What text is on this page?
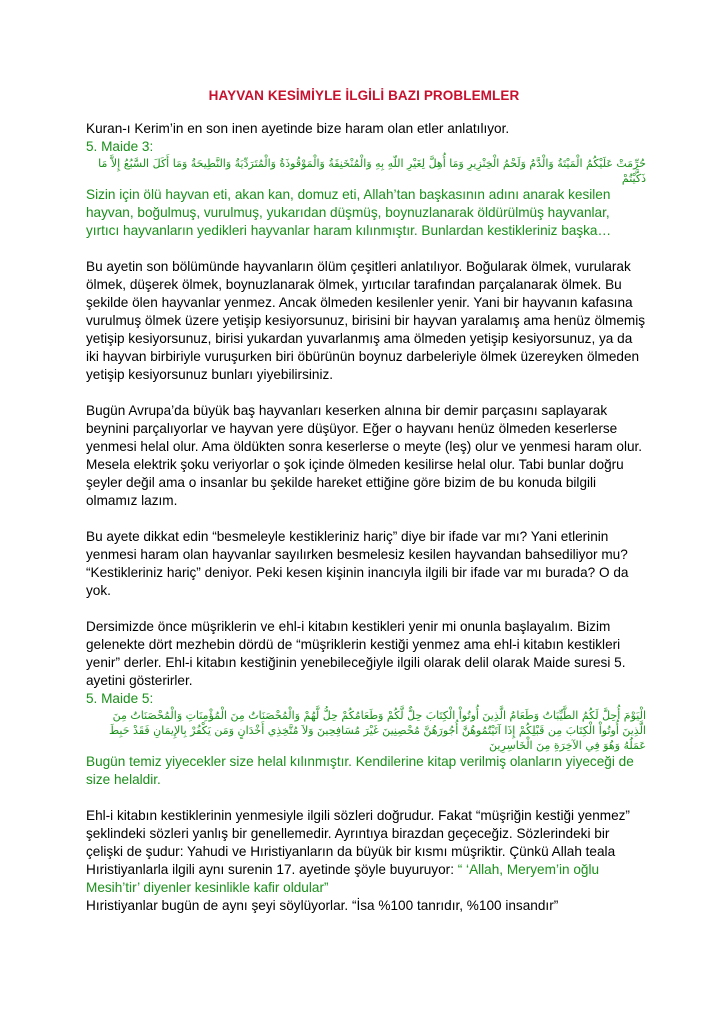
HAYVAN KESİMİYLE İLGİLİ BAZI PROBLEMLER

Kuran-ı Kerim’in en son inen ayetinde bize haram olan etler anlatılıyor.

5. Maide 3:

حُرِّمَتْ عَلَيْكُمُ الْمَيْتَةُ وَالْدَّمُ وَلَحْمُ الْخِنْزِيرِ وَمَا أُهِلَّ لِغَيْرِ اللّهِ بِهِ وَالْمُنْخَنِقَةُ وَالْمَوْقُوذَةُ وَالْمُتَرَدِّيَةُ وَالنَّطِيحَةُ وَمَا أَكَلَ السَّبُعُ إِلاَّ مَا ذَكَّيْتُمْ

Sizin için ölü hayvan eti, akan kan, domuz eti, Allah’tan başkasının adını anarak kesilen hayvan, boğulmuş, vurulmuş, yukarıdan düşmüş, boynuzlanarak öldürülmüş hayvanlar, yırtıcı hayvanların yedikleri hayvanlar haram kılınmıştır. Bunlardan kestikleriniz başka…

Bu ayetin son bölümünde hayvanların ölüm çeşitleri anlatılıyor. Boğularak ölmek, vurularak ölmek, düşerek ölmek, boynuzlanarak ölmek, yırtıcılar tarafından parçalanarak ölmek. Bu şekilde ölen hayvanlar yenmez. Ancak ölmeden kesilenler yenir. Yani bir hayvanın kafasına vurulmuş ölmek üzere yetişip kesiyorsunuz, birisini bir hayvan yaralamış ama henüz ölmemiş yetişip kesiyorsunuz, birisi yukardan yuvarlanmış ama ölmeden yetişip kesiyorsunuz, ya da iki hayvan birbiriyle vuruşurken biri öbürünün boynuz darbeleriyle ölmek üzereyken ölmeden yetişip kesiyorsunuz bunları yiyebilirsiniz.

Bugün Avrupa’da büyük baş hayvanları keserken alnına bir demir parçasını saplayarak beynini parçalıyorlar ve hayvan yere düşüyor. Eğer o hayvanı henüz ölmeden keserlerse yenmesi helal olur. Ama öldükten sonra keserlerse o meyte (leş) olur ve yenmesi haram olur. Mesela elektrik şoku veriyorlar o şok içinde ölmeden kesilirse helal olur. Tabi bunlar doğru şeyler değil ama o insanlar bu şekilde hareket ettiğine göre bizim de bu konuda bilgili olmamız lazım.

Bu ayete dikkat edin “besmeleyle kestikleriniz hariç” diye bir ifade var mı? Yani etlerinin yenmesi haram olan hayvanlar sayılırken besmelesiz kesilen hayvandan bahsediliyor mu? “Kestikleriniz hariç” deniyor. Peki kesen kişinin inancıyla ilgili bir ifade var mı burada? O da yok.

Dersimizde önce müşriklerin ve ehl-i kitabın kestikleri yenir mi onunla başlayalım. Bizim gelenekte dört mezhebin dördü de “müşriklerin kestiği yenmez ama ehl-i kitabın kestikleri yenir” derler. Ehl-i kitabın kestiğinin yenebileceğiyle ilgili olarak delil olarak Maide suresi 5. ayetini gösterirler.

5. Maide 5:

الْيَوْمَ أُحِلَّ لَكُمُ الطَّيِّبَاتُ وَطَعَامُ الَّذِينَ أُوتُواْ الْكِتَابَ حِلٌّ لَّكُمْ وَطَعَامُكُمْ حِلُّ لَّهُمْ وَالْمُحْصَنَاتُ مِنَ الْمُؤْمِنَاتِ وَالْمُحْصَنَاتُ مِنَ الَّذِينَ أُوتُواْ الْكِتَابَ مِن قَبْلِكُمْ إِذَا آتَيْتُمُوهُنَّ أُجُورَهُنَّ مُحْصِنِينَ غَيْرَ مُسَافِحِينَ وَلاَ مُتَّخِذِي أَخْدَانٍ وَمَن يَكْفُرْ بِالإِيمَانِ فَقَدْ حَبِطَ عَمَلُهُ وَهُوَ فِي الآخِرَةِ مِنَ الْخَاسِرِينَ

Bugün temiz yiyecekler size helal kılınmıştır. Kendilerine kitap verilmiş olanların yiyeceği de size helaldir.

Ehl-i kitabın kestiklerinin yenmesiyle ilgili sözleri doğrudur. Fakat “müşriğin kestiği yenmez” şeklindeki sözleri yanlış bir genellemedir. Ayrıntıya birazdan geçeceğiz. Sözlerindeki bir çelişki de şudur: Yahudi ve Hıristiyanların da büyük bir kısmı müşriktir. Çünkü Allah teala Hıristiyanlarla ilgili aynı surenin 17. ayetinde şöyle buyuruyor: “ ‘Allah, Meryem’in oğlu Mesih’tir’ diyenler kesinlikle kafir oldular”
Hıristiyanlar bugün de aynı şeyi söylüyorlar. “İsa %100 tanrıdır, %100 insandır”
